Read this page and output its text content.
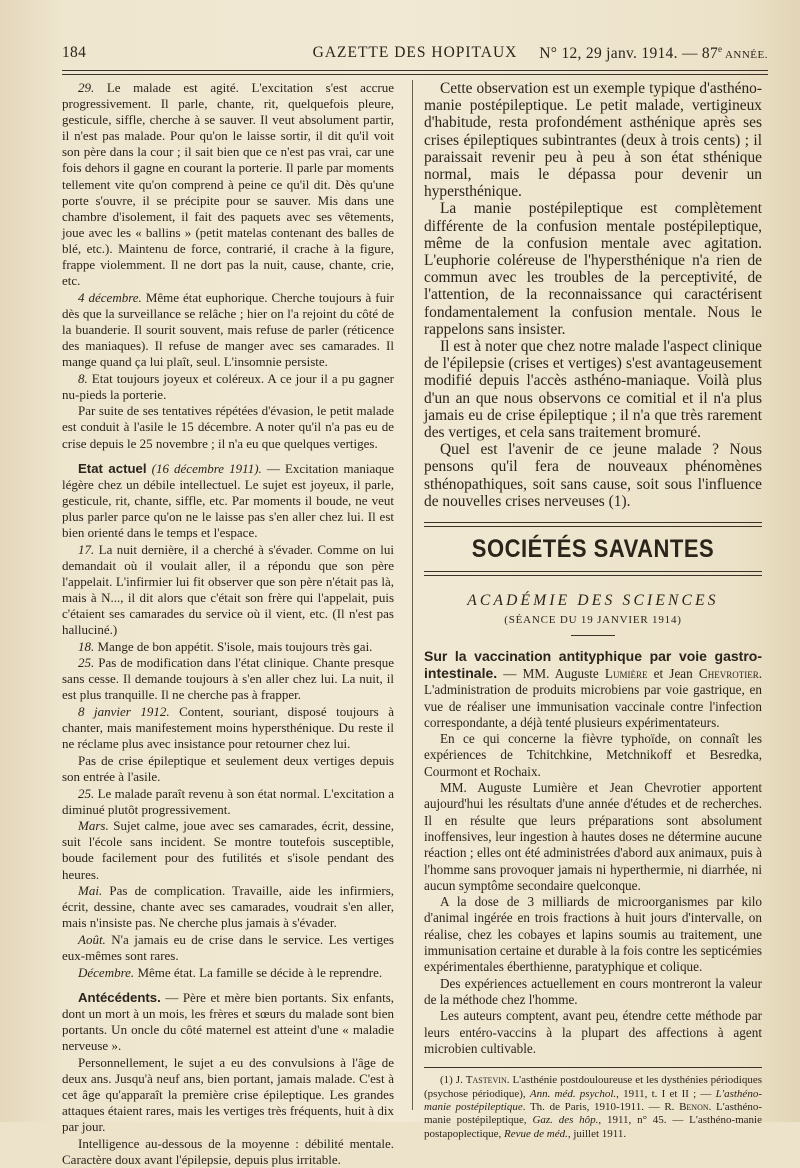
184	GAZETTE DES HOPITAUX	N° 12, 29 janv. 1914. — 87e ANNÉE.

29. Le malade est agité. L'excitation s'est accrue progressivement. Il parle, chante, rit, quelquefois pleure, gesticule, siffle, cherche à se sauver. Il veut absolument partir, il n'est pas malade. Pour qu'on le laisse sortir, il dit qu'il voit son père dans la cour ; il sait bien que ce n'est pas vrai, car une fois dehors il gagne en courant la porterie. Il parle par moments tellement vite qu'on comprend à peine ce qu'il dit. Dès qu'une porte s'ouvre, il se précipite pour se sauver. Mis dans une chambre d'isolement, il fait des paquets avec ses vêtements, joue avec les « ballins » (petit matelas contenant des balles de blé, etc.). Maintenu de force, contrarié, il crache à la figure, frappe violemment. Il ne dort pas la nuit, cause, chante, crie, etc.

4 décembre. Même état euphorique. Cherche toujours à fuir dès que la surveillance se relâche ; hier on l'a rejoint du côté de la buanderie. Il sourit souvent, mais refuse de parler (réticence des maniaques). Il refuse de manger avec ses camarades. Il mange quand ça lui plaît, seul. L'insomnie persiste.

8. Etat toujours joyeux et coléreux. A ce jour il a pu gagner nu-pieds la porterie.

Par suite de ses tentatives répétées d'évasion, le petit malade est conduit à l'asile le 15 décembre. A noter qu'il n'a pas eu de crise depuis le 25 novembre ; il n'a eu que quelques vertiges.

Etat actuel (16 décembre 1911). — Excitation maniaque légère chez un débile intellectuel. Le sujet est joyeux, il parle, gesticule, rit, chante, siffle, etc. Par moments il boude, ne veut plus parler parce qu'on ne le laisse pas s'en aller chez lui. Il est bien orienté dans le temps et l'espace.

17. La nuit dernière, il a cherché à s'évader. Comme on lui demandait où il voulait aller, il a répondu que son père l'appelait. L'infirmier lui fit observer que son père n'était pas là, mais à N..., il dit alors que c'était son frère qui l'appelait, puis c'étaient ses camarades du service où il vient, etc. (Il n'est pas halluciné.)

18. Mange de bon appétit. S'isole, mais toujours très gai.

25. Pas de modification dans l'état clinique. Chante presque sans cesse. Il demande toujours à s'en aller chez lui. La nuit, il est plus tranquille. Il ne cherche pas à frapper.

8 janvier 1912. Content, souriant, disposé toujours à chanter, mais manifestement moins hypersthénique. Du reste il ne réclame plus avec insistance pour retourner chez lui.

Pas de crise épileptique et seulement deux vertiges depuis son entrée à l'asile.

25. Le malade paraît revenu à son état normal. L'excitation a diminué plutôt progressivement.

Mars. Sujet calme, joue avec ses camarades, écrit, dessine, suit l'école sans incident. Se montre toutefois susceptible, boude facilement pour des futilités et s'isole pendant des heures.

Mai. Pas de complication. Travaille, aide les infirmiers, écrit, dessine, chante avec ses camarades, voudrait s'en aller, mais n'insiste pas. Ne cherche plus jamais à s'évader.

Août. N'a jamais eu de crise dans le service. Les vertiges eux-mêmes sont rares.

Décembre. Même état. La famille se décide à le reprendre.

Antécédents. — Père et mère bien portants. Six enfants, dont un mort à un mois, les frères et sœurs du malade sont bien portants. Un oncle du côté maternel est atteint d'une « maladie nerveuse ».

Personnellement, le sujet a eu des convulsions à l'âge de deux ans. Jusqu'à neuf ans, bien portant, jamais malade. C'est à cet âge qu'apparaît la première crise épileptique. Les grandes attaques étaient rares, mais les vertiges très fréquents, huit à dix par jour.

Intelligence au-dessous de la moyenne : débilité mentale. Caractère doux avant l'épilepsie, depuis plus irritable.

Cette observation est un exemple typique d'asthéno-manie postépileptique. Le petit malade, vertigineux d'habitude, resta profondément asthénique après ses crises épileptiques subintrantes (deux à trois cents) ; il paraissait revenir peu à peu à son état sthénique normal, mais le dépassa pour devenir un hypersthénique.

La manie postépileptique est complètement différente de la confusion mentale postépileptique, même de la confusion mentale avec agitation. L'euphorie coléreuse de l'hypersthénique n'a rien de commun avec les troubles de la perceptivité, de l'attention, de la reconnaissance qui caractérisent fondamentalement la confusion mentale. Nous le rappelons sans insister.

Il est à noter que chez notre malade l'aspect clinique de l'épilepsie (crises et vertiges) s'est avantageusement modifié depuis l'accès asthéno-maniaque. Voilà plus d'un an que nous observons ce comitial et il n'a plus jamais eu de crise épileptique ; il n'a que très rarement des vertiges, et cela sans traitement bromuré.

Quel est l'avenir de ce jeune malade ? Nous pensons qu'il fera de nouveaux phénomènes sthénopathiques, soit sans cause, soit sous l'influence de nouvelles crises nerveuses (1).

SOCIÉTÉS SAVANTES
ACADÉMIE DES SCIENCES
(SÉANCE DU 19 JANVIER 1914)

Sur la vaccination antityphique par voie gastro-intestinale. — MM. Auguste Lumière et Jean Chevrotier. L'administration de produits microbiens par voie gastrique, en vue de réaliser une immunisation vaccinale contre l'infection correspondante, a déjà tenté plusieurs expérimentateurs.

En ce qui concerne la fièvre typhoïde, on connaît les expériences de Tchitchkine, Metchnikoff et Besredka, Courmont et Rochaix.

MM. Auguste Lumière et Jean Chevrotier apportent aujourd'hui les résultats d'une année d'études et de recherches. Il en résulte que leurs préparations sont absolument inoffensives, leur ingestion à hautes doses ne détermine aucune réaction ; elles ont été administrées d'abord aux animaux, puis à l'homme sans provoquer jamais ni hyperthermie, ni diarrhée, ni aucun symptôme secondaire quelconque.

A la dose de 3 milliards de microorganismes par kilo d'animal ingérée en trois fractions à huit jours d'intervalle, on réalise, chez les cobayes et lapins soumis au traitement, une immunisation certaine et durable à la fois contre les septicémies expérimentales éberthienne, paratyphique et colique.

Des expériences actuellement en cours montreront la valeur de la méthode chez l'homme.

Les auteurs comptent, avant peu, étendre cette méthode par leurs entéro-vaccins à la plupart des affections à agent microbien cultivable.

(1) J. Tastevin. L'asthénie postdouloureuse et les dysthénies périodiques (psychose périodique), Ann. méd. psychol., 1911, t. I et II ; — L'asthéno-manie postépileptique. Th. de Paris, 1910-1911. — R. Benon. L'asthéno-manie postépileptique, Gaz. des hôp., 1911, n° 45. — L'asthéno-manie postapoplectique, Revue de méd., juillet 1911.
